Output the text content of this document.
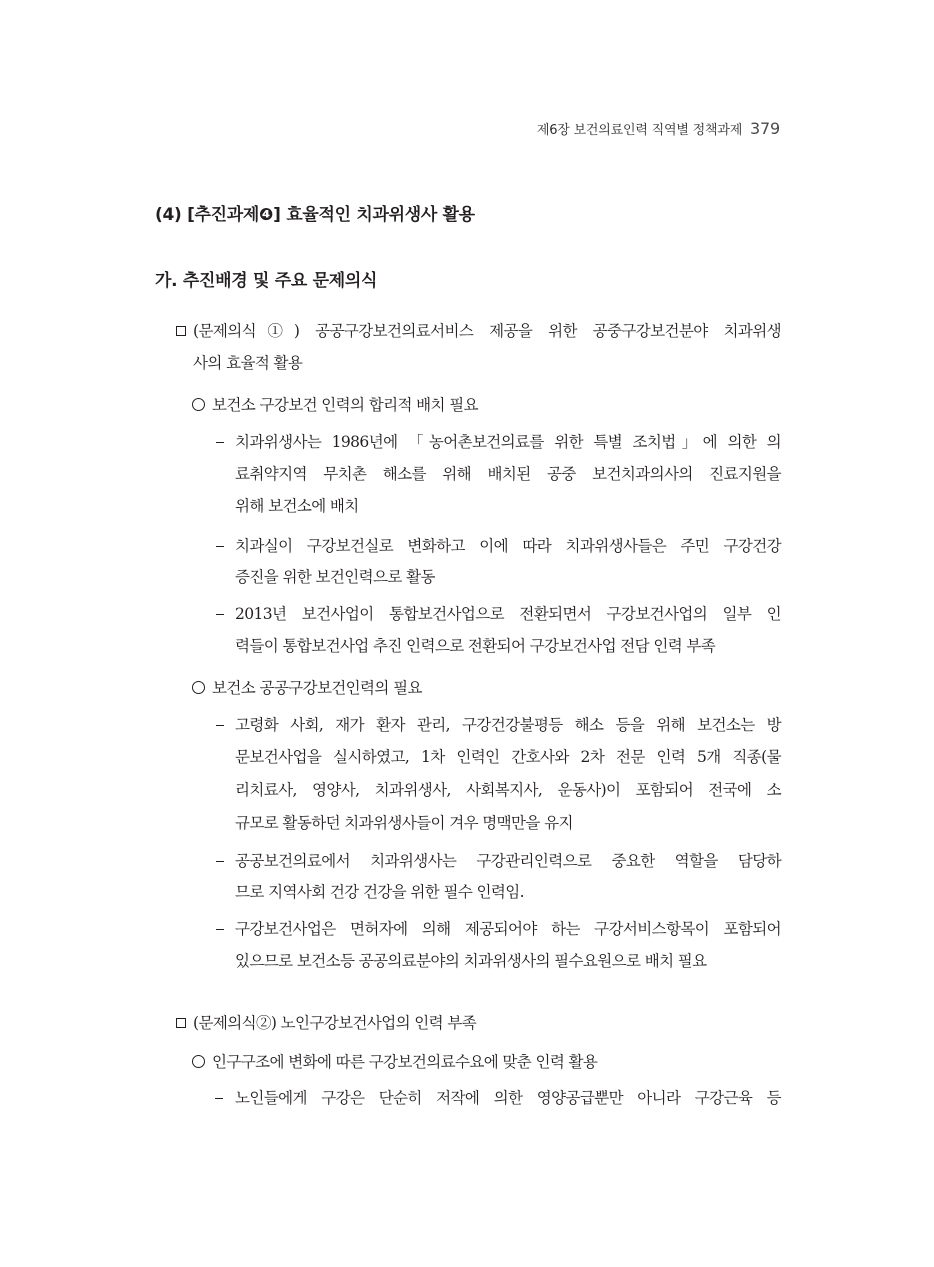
제6장 보건의료인력 직역별 정책과제 379
(4) [추진과제❹] 효율적인 치과위생사 활용
가. 추진배경 및 주요 문제의식
(문제의식①) 공공구강보건의료서비스 제공을 위한 공중구강보건분야 치과위생
사의 효율적 활용
보건소 구강보건 인력의 합리적 배치 필요
치과위생사는 1986년에 「농어촌보건의료를 위한 특별 조치법」에 의한 의
료취약지역 무치촌 해소를 위해 배치된 공중 보건치과의사의 진료지원을
위해 보건소에 배치
치과실이 구강보건실로 변화하고 이에 따라 치과위생사들은 주민 구강건강
증진을 위한 보건인력으로 활동
2013년 보건사업이 통합보건사업으로 전환되면서 구강보건사업의 일부 인
력들이 통합보건사업 추진 인력으로 전환되어 구강보건사업 전담 인력 부족
보건소 공공구강보건인력의 필요
고령화 사회, 재가 환자 관리, 구강건강불평등 해소 등을 위해 보건소는 방
문보건사업을 실시하였고, 1차 인력인 간호사와 2차 전문 인력 5개 직종(물
리치료사, 영양사, 치과위생사, 사회복지사, 운동사)이 포함되어 전국에 소
규모로 활동하던 치과위생사들이 겨우 명맥만을 유지
공공보건의료에서 치과위생사는 구강관리인력으로 중요한 역할을 담당하
므로 지역사회 건강 건강을 위한 필수 인력임.
구강보건사업은 면허자에 의해 제공되어야 하는 구강서비스항목이 포함되어
있으므로 보건소등 공공의료분야의 치과위생사의 필수요원으로 배치 필요
(문제의식②) 노인구강보건사업의 인력 부족
인구구조에 변화에 따른 구강보건의료수요에 맞춘 인력 활용
노인들에게 구강은 단순히 저작에 의한 영양공급뿐만 아니라 구강근육 등
